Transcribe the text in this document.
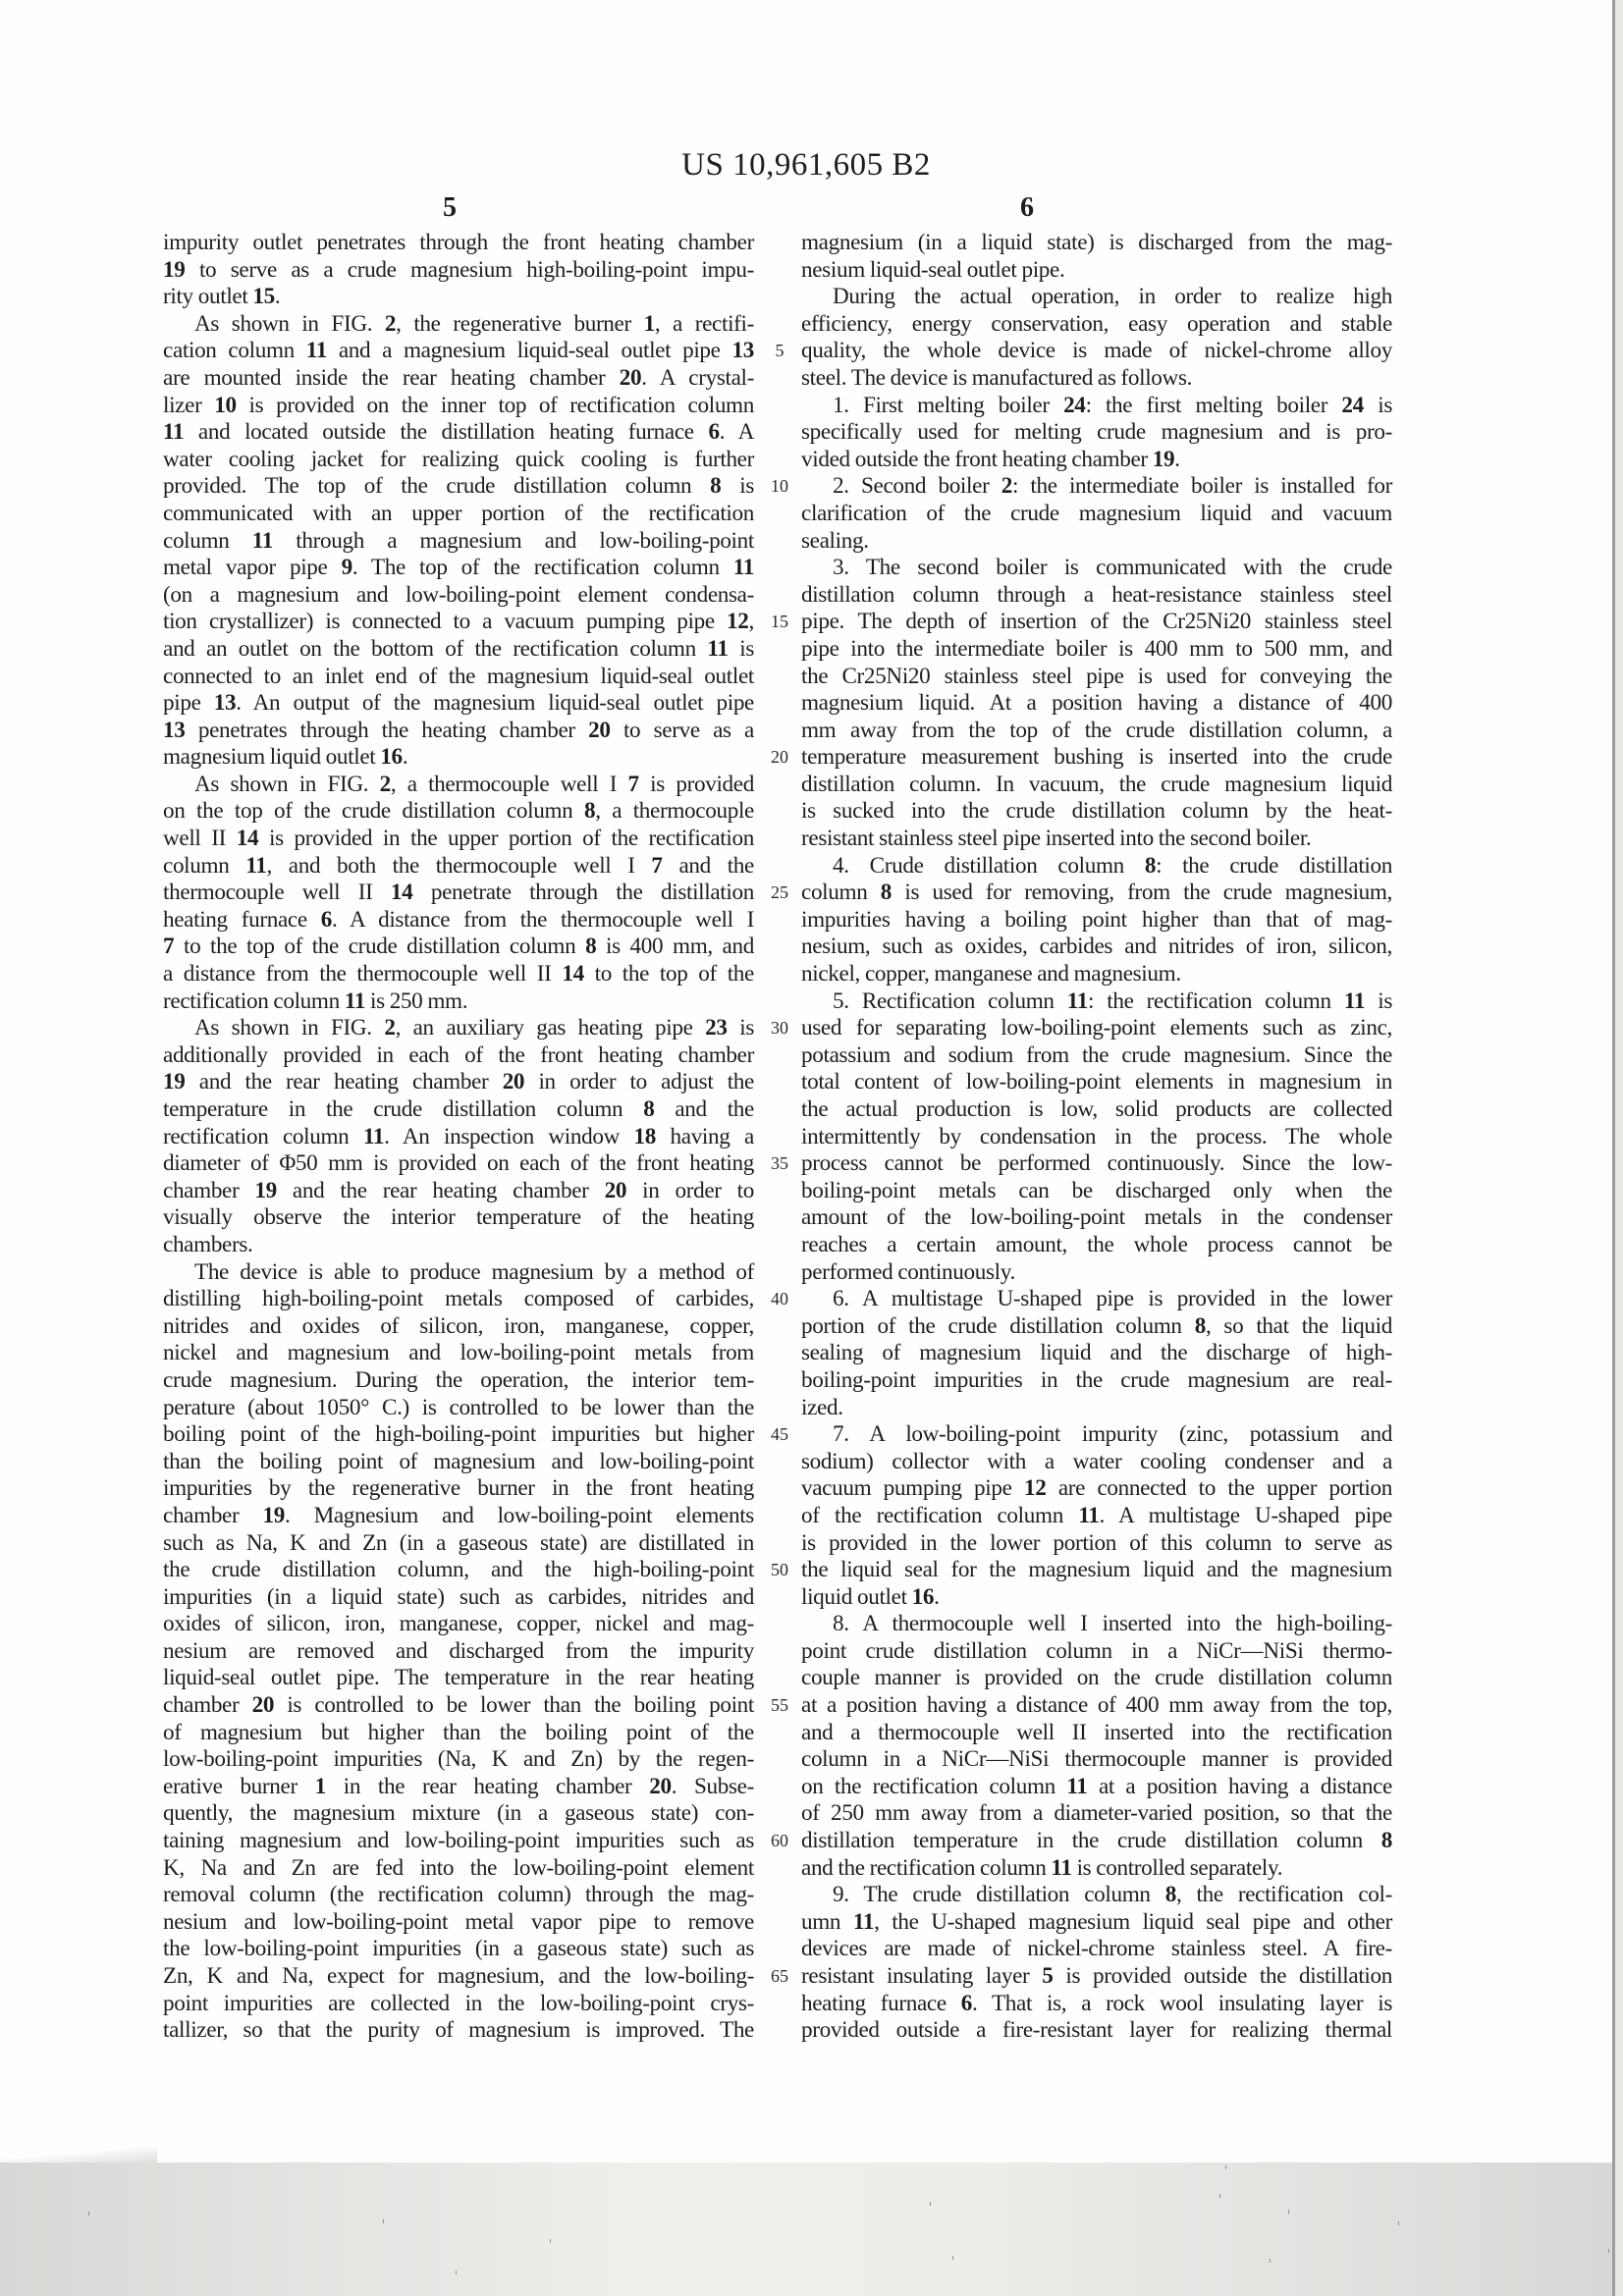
US 10,961,605 B2
5	6
impurity outlet penetrates through the front heating chamber
19 to serve as a crude magnesium high-boiling-point impu-
rity outlet 15.
As shown in FIG. 2, the regenerative burner 1, a rectifi-
cation column 11 and a magnesium liquid-seal outlet pipe 13
are mounted inside the rear heating chamber 20. A crystal-
lizer 10 is provided on the inner top of rectification column
11 and located outside the distillation heating furnace 6. A
water cooling jacket for realizing quick cooling is further
provided. The top of the crude distillation column 8 is
communicated with an upper portion of the rectification
column 11 through a magnesium and low-boiling-point
metal vapor pipe 9. The top of the rectification column 11
(on a magnesium and low-boiling-point element condensa-
tion crystallizer) is connected to a vacuum pumping pipe 12,
and an outlet on the bottom of the rectification column 11 is
connected to an inlet end of the magnesium liquid-seal outlet
pipe 13. An output of the magnesium liquid-seal outlet pipe
13 penetrates through the heating chamber 20 to serve as a
magnesium liquid outlet 16.
As shown in FIG. 2, a thermocouple well I 7 is provided
on the top of the crude distillation column 8, a thermocouple
well II 14 is provided in the upper portion of the rectification
column 11, and both the thermocouple well I 7 and the
thermocouple well II 14 penetrate through the distillation
heating furnace 6. A distance from the thermocouple well I
7 to the top of the crude distillation column 8 is 400 mm, and
a distance from the thermocouple well II 14 to the top of the
rectification column 11 is 250 mm.
As shown in FIG. 2, an auxiliary gas heating pipe 23 is
additionally provided in each of the front heating chamber
19 and the rear heating chamber 20 in order to adjust the
temperature in the crude distillation column 8 and the
rectification column 11. An inspection window 18 having a
diameter of Φ50 mm is provided on each of the front heating
chamber 19 and the rear heating chamber 20 in order to
visually observe the interior temperature of the heating
chambers.
The device is able to produce magnesium by a method of
distilling high-boiling-point metals composed of carbides,
nitrides and oxides of silicon, iron, manganese, copper,
nickel and magnesium and low-boiling-point metals from
crude magnesium. During the operation, the interior tem-
perature (about 1050° C.) is controlled to be lower than the
boiling point of the high-boiling-point impurities but higher
than the boiling point of magnesium and low-boiling-point
impurities by the regenerative burner in the front heating
chamber 19. Magnesium and low-boiling-point elements
such as Na, K and Zn (in a gaseous state) are distillated in
the crude distillation column, and the high-boiling-point
impurities (in a liquid state) such as carbides, nitrides and
oxides of silicon, iron, manganese, copper, nickel and mag-
nesium are removed and discharged from the impurity
liquid-seal outlet pipe. The temperature in the rear heating
chamber 20 is controlled to be lower than the boiling point
of magnesium but higher than the boiling point of the
low-boiling-point impurities (Na, K and Zn) by the regen-
erative burner 1 in the rear heating chamber 20. Subse-
quently, the magnesium mixture (in a gaseous state) con-
taining magnesium and low-boiling-point impurities such as
K, Na and Zn are fed into the low-boiling-point element
removal column (the rectification column) through the mag-
nesium and low-boiling-point metal vapor pipe to remove
the low-boiling-point impurities (in a gaseous state) such as
Zn, K and Na, expect for magnesium, and the low-boiling-
point impurities are collected in the low-boiling-point crys-
tallizer, so that the purity of magnesium is improved. The
5
10
15
20
25
30
35
40
45
50
55
60
65
magnesium (in a liquid state) is discharged from the mag-
nesium liquid-seal outlet pipe.
During the actual operation, in order to realize high
efficiency, energy conservation, easy operation and stable
quality, the whole device is made of nickel-chrome alloy
steel. The device is manufactured as follows.
1. First melting boiler 24: the first melting boiler 24 is
specifically used for melting crude magnesium and is pro-
vided outside the front heating chamber 19.
2. Second boiler 2: the intermediate boiler is installed for
clarification of the crude magnesium liquid and vacuum
sealing.
3. The second boiler is communicated with the crude
distillation column through a heat-resistance stainless steel
pipe. The depth of insertion of the Cr25Ni20 stainless steel
pipe into the intermediate boiler is 400 mm to 500 mm, and
the Cr25Ni20 stainless steel pipe is used for conveying the
magnesium liquid. At a position having a distance of 400
mm away from the top of the crude distillation column, a
temperature measurement bushing is inserted into the crude
distillation column. In vacuum, the crude magnesium liquid
is sucked into the crude distillation column by the heat-
resistant stainless steel pipe inserted into the second boiler.
4. Crude distillation column 8: the crude distillation
column 8 is used for removing, from the crude magnesium,
impurities having a boiling point higher than that of mag-
nesium, such as oxides, carbides and nitrides of iron, silicon,
nickel, copper, manganese and magnesium.
5. Rectification column 11: the rectification column 11 is
used for separating low-boiling-point elements such as zinc,
potassium and sodium from the crude magnesium. Since the
total content of low-boiling-point elements in magnesium in
the actual production is low, solid products are collected
intermittently by condensation in the process. The whole
process cannot be performed continuously. Since the low-
boiling-point metals can be discharged only when the
amount of the low-boiling-point metals in the condenser
reaches a certain amount, the whole process cannot be
performed continuously.
6. A multistage U-shaped pipe is provided in the lower
portion of the crude distillation column 8, so that the liquid
sealing of magnesium liquid and the discharge of high-
boiling-point impurities in the crude magnesium are real-
ized.
7. A low-boiling-point impurity (zinc, potassium and
sodium) collector with a water cooling condenser and a
vacuum pumping pipe 12 are connected to the upper portion
of the rectification column 11. A multistage U-shaped pipe
is provided in the lower portion of this column to serve as
the liquid seal for the magnesium liquid and the magnesium
liquid outlet 16.
8. A thermocouple well I inserted into the high-boiling-
point crude distillation column in a NiCr—NiSi thermo-
couple manner is provided on the crude distillation column
at a position having a distance of 400 mm away from the top,
and a thermocouple well II inserted into the rectification
column in a NiCr—NiSi thermocouple manner is provided
on the rectification column 11 at a position having a distance
of 250 mm away from a diameter-varied position, so that the
distillation temperature in the crude distillation column 8
and the rectification column 11 is controlled separately.
9. The crude distillation column 8, the rectification col-
umn 11, the U-shaped magnesium liquid seal pipe and other
devices are made of nickel-chrome stainless steel. A fire-
resistant insulating layer 5 is provided outside the distillation
heating furnace 6. That is, a rock wool insulating layer is
provided outside a fire-resistant layer for realizing thermal
